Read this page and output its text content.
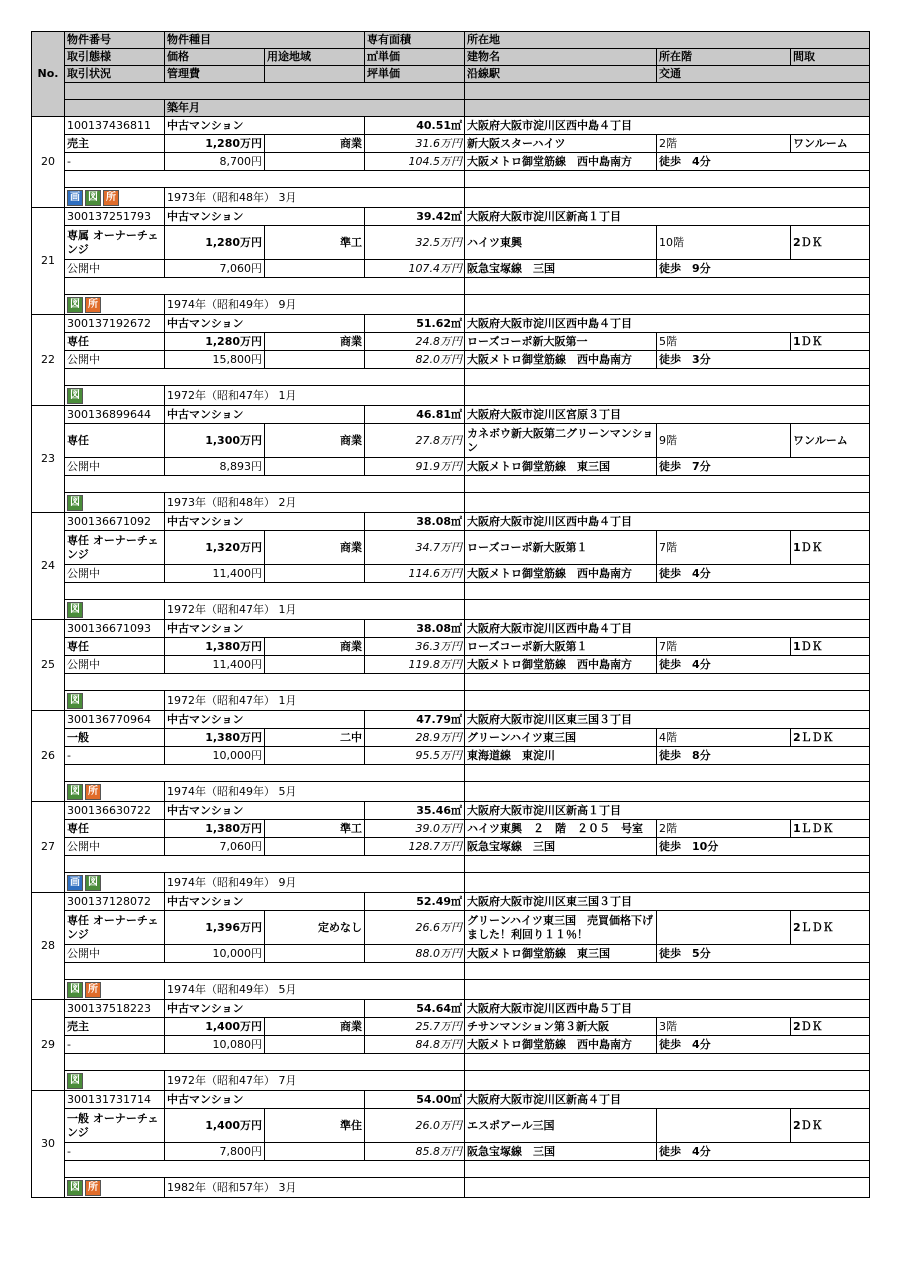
No.	物件番号	物件種目		専有面積	所在地		
	取引態様	価格	用途地域	㎡単価	建物名	所在階	間取
	取引状況	管理費		坪単価	沿線駅	交通	

		築年月					
20	100137436811	中古マンション		40.51㎡	大阪府大阪市淀川区西中島４丁目		
	売主	1,280万円	商業	31.6万円	新大阪スターハイツ	2階	ワンルーム
	-	8,700円		104.5万円	大阪メトロ御堂筋線　西中島南方	徒歩　4分	

	画 図 所	1973年（昭和48年） 3月					
21	300137251793	中古マンション		39.42㎡	大阪府大阪市淀川区新高１丁目		
	専属 オーナーチェンジ	1,280万円	準工	32.5万円	ハイツ東興	10階	2ＤＫ
	公開中	7,060円		107.4万円	阪急宝塚線　三国	徒歩　9分	

	図 所	1974年（昭和49年） 9月					
22	300137192672	中古マンション		51.62㎡	大阪府大阪市淀川区西中島４丁目		
	専任	1,280万円	商業	24.8万円	ローズコーポ新大阪第一	5階	1ＤＫ
	公開中	15,800円		82.0万円	大阪メトロ御堂筋線　西中島南方	徒歩　3分	

	図	1972年（昭和47年） 1月					
23	300136899644	中古マンション		46.81㎡	大阪府大阪市淀川区宮原３丁目		
	専任	1,300万円	商業	27.8万円	カネボウ新大阪第二グリーンマンション	9階	ワンルーム
	公開中	8,893円		91.9万円	大阪メトロ御堂筋線　東三国	徒歩　7分	

	図	1973年（昭和48年） 2月					
24	300136671092	中古マンション		38.08㎡	大阪府大阪市淀川区西中島４丁目		
	専任 オーナーチェンジ	1,320万円	商業	34.7万円	ローズコーポ新大阪第１	7階	1ＤＫ
	公開中	11,400円		114.6万円	大阪メトロ御堂筋線　西中島南方	徒歩　4分	

	図	1972年（昭和47年） 1月					
25	300136671093	中古マンション		38.08㎡	大阪府大阪市淀川区西中島４丁目		
	専任	1,380万円	商業	36.3万円	ローズコーポ新大阪第１	7階	1ＤＫ
	公開中	11,400円		119.8万円	大阪メトロ御堂筋線　西中島南方	徒歩　4分	

	図	1972年（昭和47年） 1月					
26	300136770964	中古マンション		47.79㎡	大阪府大阪市淀川区東三国３丁目		
	一般	1,380万円	二中	28.9万円	グリーンハイツ東三国	4階	2ＬＤＫ
	-	10,000円		95.5万円	東海道線　東淀川	徒歩　8分	

	図 所	1974年（昭和49年） 5月					
27	300136630722	中古マンション		35.46㎡	大阪府大阪市淀川区新高１丁目		
	専任	1,380万円	準工	39.0万円	ハイツ東興　２　階　２０５　号室	2階	1ＬＤＫ
	公開中	7,060円		128.7万円	阪急宝塚線　三国	徒歩　10分	

	画 図	1974年（昭和49年） 9月					
28	300137128072	中古マンション		52.49㎡	大阪府大阪市淀川区東三国３丁目		
	専任 オーナーチェンジ	1,396万円	定めなし	26.6万円	グリーンハイツ東三国　売買価格下げました！利回り１１％！		2ＬＤＫ
	公開中	10,000円		88.0万円	大阪メトロ御堂筋線　東三国	徒歩　5分	

	図 所	1974年（昭和49年） 5月					
29	300137518223	中古マンション		54.64㎡	大阪府大阪市淀川区西中島５丁目		
	売主	1,400万円	商業	25.7万円	チサンマンション第３新大阪	3階	2ＤＫ
	-	10,080円		84.8万円	大阪メトロ御堂筋線　西中島南方	徒歩　4分	

	図	1972年（昭和47年） 7月					
30	300131731714	中古マンション		54.00㎡	大阪府大阪市淀川区新高４丁目		
	一般 オーナーチェンジ	1,400万円	準住	26.0万円	エスポアール三国		2ＤＫ
	-	7,800円		85.8万円	阪急宝塚線　三国	徒歩　4分	

	図 所	1982年（昭和57年） 3月					
